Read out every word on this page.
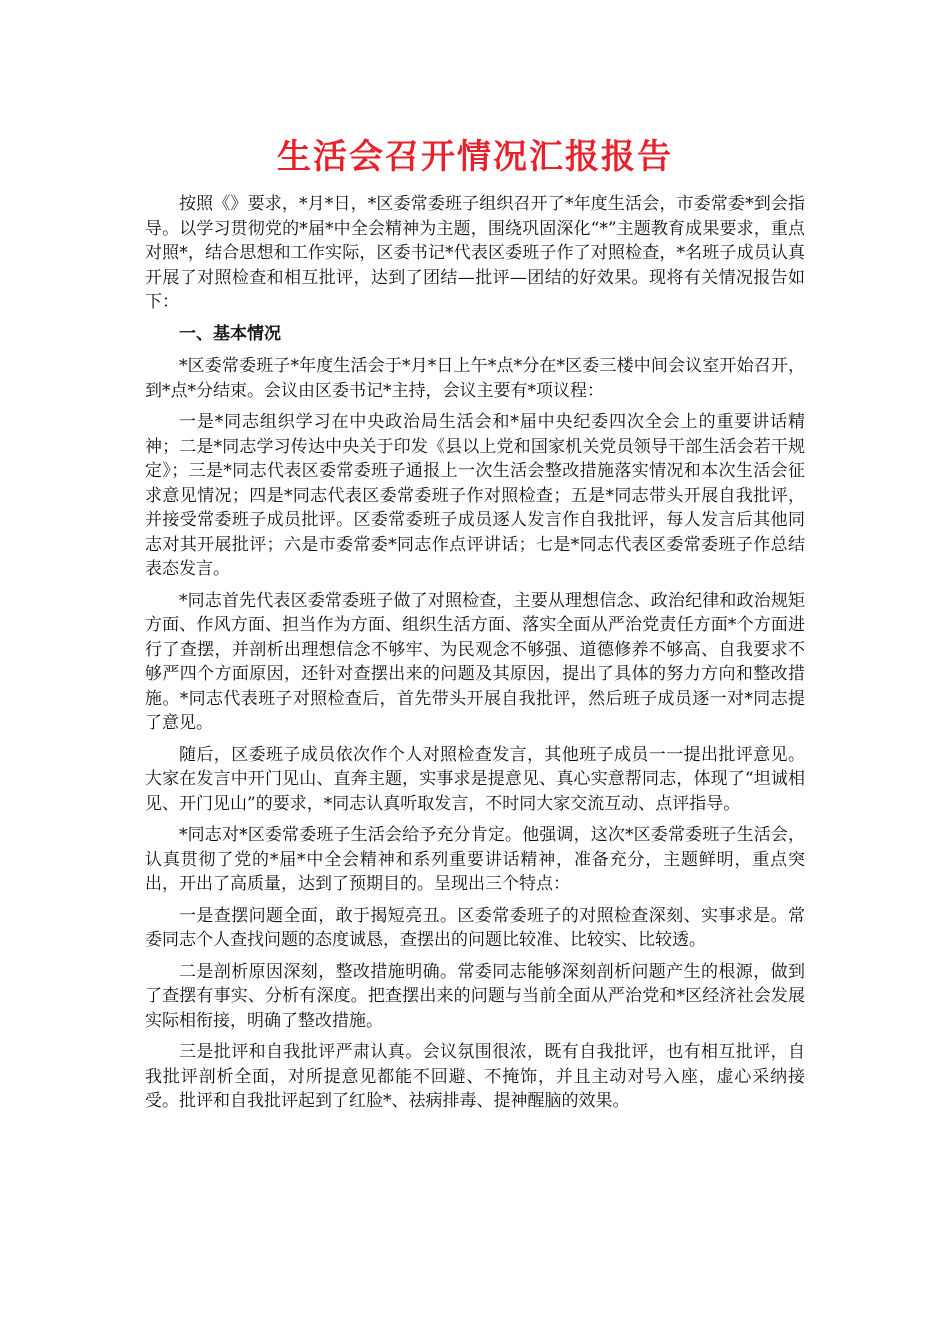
生活会召开情况汇报报告

按照《》要求，*月*日，*区委常委班子组织召开了*年度生活会，市委常委*到会指导。以学习贯彻党的*届*中全会精神为主题，围绕巩固深化“*”主题教育成果要求，重点对照*，结合思想和工作实际，区委书记*代表区委班子作了对照检查，*名班子成员认真开展了对照检查和相互批评，达到了团结—批评—团结的好效果。现将有关情况报告如下：

一、基本情况

*区委常委班子*年度生活会于*月*日上午*点*分在*区委三楼中间会议室开始召开，到*点*分结束。会议由区委书记*主持，会议主要有*项议程：

一是*同志组织学习在中央政治局生活会和*届中央纪委四次全会上的重要讲话精神；二是*同志学习传达中央关于印发《县以上党和国家机关党员领导干部生活会若干规定》；三是*同志代表区委常委班子通报上一次生活会整改措施落实情况和本次生活会征求意见情况；四是*同志代表区委常委班子作对照检查；五是*同志带头开展自我批评，并接受常委班子成员批评。区委常委班子成员逐人发言作自我批评，每人发言后其他同志对其开展批评；六是市委常委*同志作点评讲话；七是*同志代表区委常委班子作总结表态发言。

*同志首先代表区委常委班子做了对照检查，主要从理想信念、政治纪律和政治规矩方面、作风方面、担当作为方面、组织生活方面、落实全面从严治党责任方面*个方面进行了查摆，并剖析出理想信念不够牢、为民观念不够强、道德修养不够高、自我要求不够严四个方面原因，还针对查摆出来的问题及其原因，提出了具体的努力方向和整改措施。*同志代表班子对照检查后，首先带头开展自我批评，然后班子成员逐一对*同志提了意见。

随后，区委班子成员依次作个人对照检查发言，其他班子成员一一提出批评意见。大家在发言中开门见山、直奔主题，实事求是提意见、真心实意帮同志，体现了“坦诚相见、开门见山”的要求，*同志认真听取发言，不时同大家交流互动、点评指导。

*同志对*区委常委班子生活会给予充分肯定。他强调，这次*区委常委班子生活会，认真贯彻了党的*届*中全会精神和系列重要讲话精神，准备充分，主题鲜明，重点突出，开出了高质量，达到了预期目的。呈现出三个特点：

一是查摆问题全面，敢于揭短亮丑。区委常委班子的对照检查深刻、实事求是。常委同志个人查找问题的态度诚恳，查摆出的问题比较准、比较实、比较透。

二是剖析原因深刻，整改措施明确。常委同志能够深刻剖析问题产生的根源，做到了查摆有事实、分析有深度。把查摆出来的问题与当前全面从严治党和*区经济社会发展实际相衔接，明确了整改措施。

三是批评和自我批评严肃认真。会议氛围很浓，既有自我批评，也有相互批评，自我批评剖析全面，对所提意见都能不回避、不掩饰，并且主动对号入座，虚心采纳接受。批评和自我批评起到了红脸*、祛病排毒、提神醒脑的效果。
